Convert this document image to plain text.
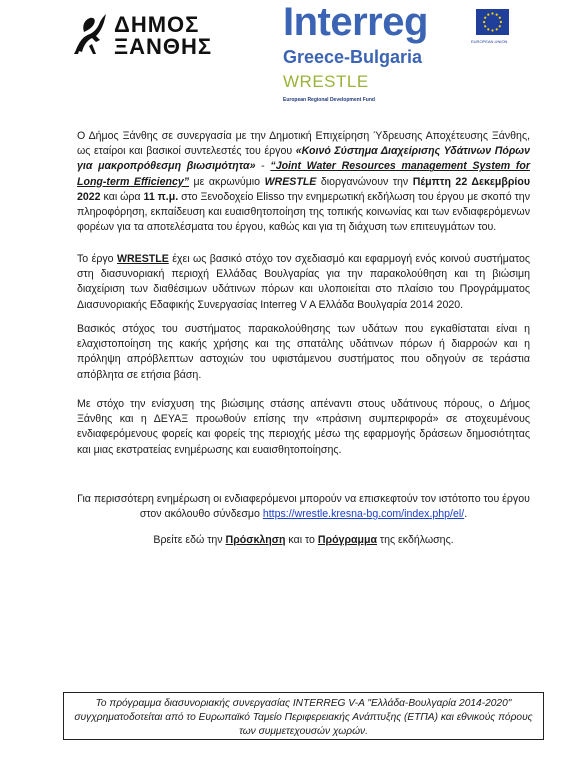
ΔΗΜΟΣ
ΞΑΝΘΗΣ
Interreg	EUROPEAN UNION
Greece-Bulgaria
WRESTLE
European Regional Development Fund

Ο Δήμος Ξάνθης σε συνεργασία με την Δημοτική Επιχείρηση Ύδρευσης Αποχέτευσης Ξάνθης, ως εταίροι και βασικοί συντελεστές του έργου «Κοινό Σύστημα Διαχείρισης Υδάτινων Πόρων για μακροπρόθεσμη βιωσιμότητα» - “Joint Water Resources management System for Long-term Efficiency” με ακρωνύμιο WRESTLE διοργανώνουν την Πέμπτη 22 Δεκεμβρίου 2022 και ώρα 11 π.μ. στο Ξενοδοχείο Elisso την ενημερωτική εκδήλωση του έργου με σκοπό την πληροφόρηση, εκπαίδευση και ευαισθητοποίηση της τοπικής κοινωνίας και των ενδιαφερόμενων φορέων για τα αποτελέσματα του έργου, καθώς και για τη διάχυση των επιτευγμάτων του.

Το έργο WRESTLE έχει ως βασικό στόχο τον σχεδιασμό και εφαρμογή ενός κοινού συστήματος στη διασυνοριακή περιοχή Ελλάδας Βουλγαρίας για την παρακολούθηση και τη βιώσιμη διαχείριση των διαθέσιμων υδάτινων πόρων και υλοποιείται στο πλαίσιο του Προγράμματος Διασυνοριακής Εδαφικής Συνεργασίας Interreg V A Ελλάδα Βουλγαρία 2014 2020.

Βασικός στόχος του συστήματος παρακολούθησης των υδάτων που εγκαθίσταται είναι η ελαχιστοποίηση της κακής χρήσης και της σπατάλης υδάτινων πόρων ή διαρροών και η πρόληψη απρόβλεπτων αστοχιών του υφιστάμενου συστήματος που οδηγούν σε τεράστια απόβλητα σε ετήσια βάση.

Με στόχο την ενίσχυση της βιώσιμης στάσης απέναντι στους υδάτινους πόρους, ο Δήμος Ξάνθης και η ΔΕΥΑΞ προωθούν επίσης την «πράσινη συμπεριφορά» σε στοχευμένους ενδιαφερόμενους φορείς και φορείς της περιοχής μέσω της εφαρμογής δράσεων δημοσιότητας και μιας εκστρατείας ενημέρωσης και ευαισθητοποίησης.

Για περισσότερη ενημέρωση οι ενδιαφερόμενοι μπορούν να επισκεφτούν τον ιστότοπο του έργου στον ακόλουθο σύνδεσμο https://wrestle.kresna-bg.com/index.php/el/.

Βρείτε εδώ την Πρόσκληση και το Πρόγραμμα της εκδήλωσης.

Το πρόγραμμα διασυνοριακής συνεργασίας INTERREG V-A "Ελλάδα-Βουλγαρία 2014-2020" συγχρηματοδοτείται από το Ευρωπαϊκό Ταμείο Περιφερειακής Ανάπτυξης (ΕΤΠΑ) και εθνικούς πόρους των συμμετεχουσών χωρών.
